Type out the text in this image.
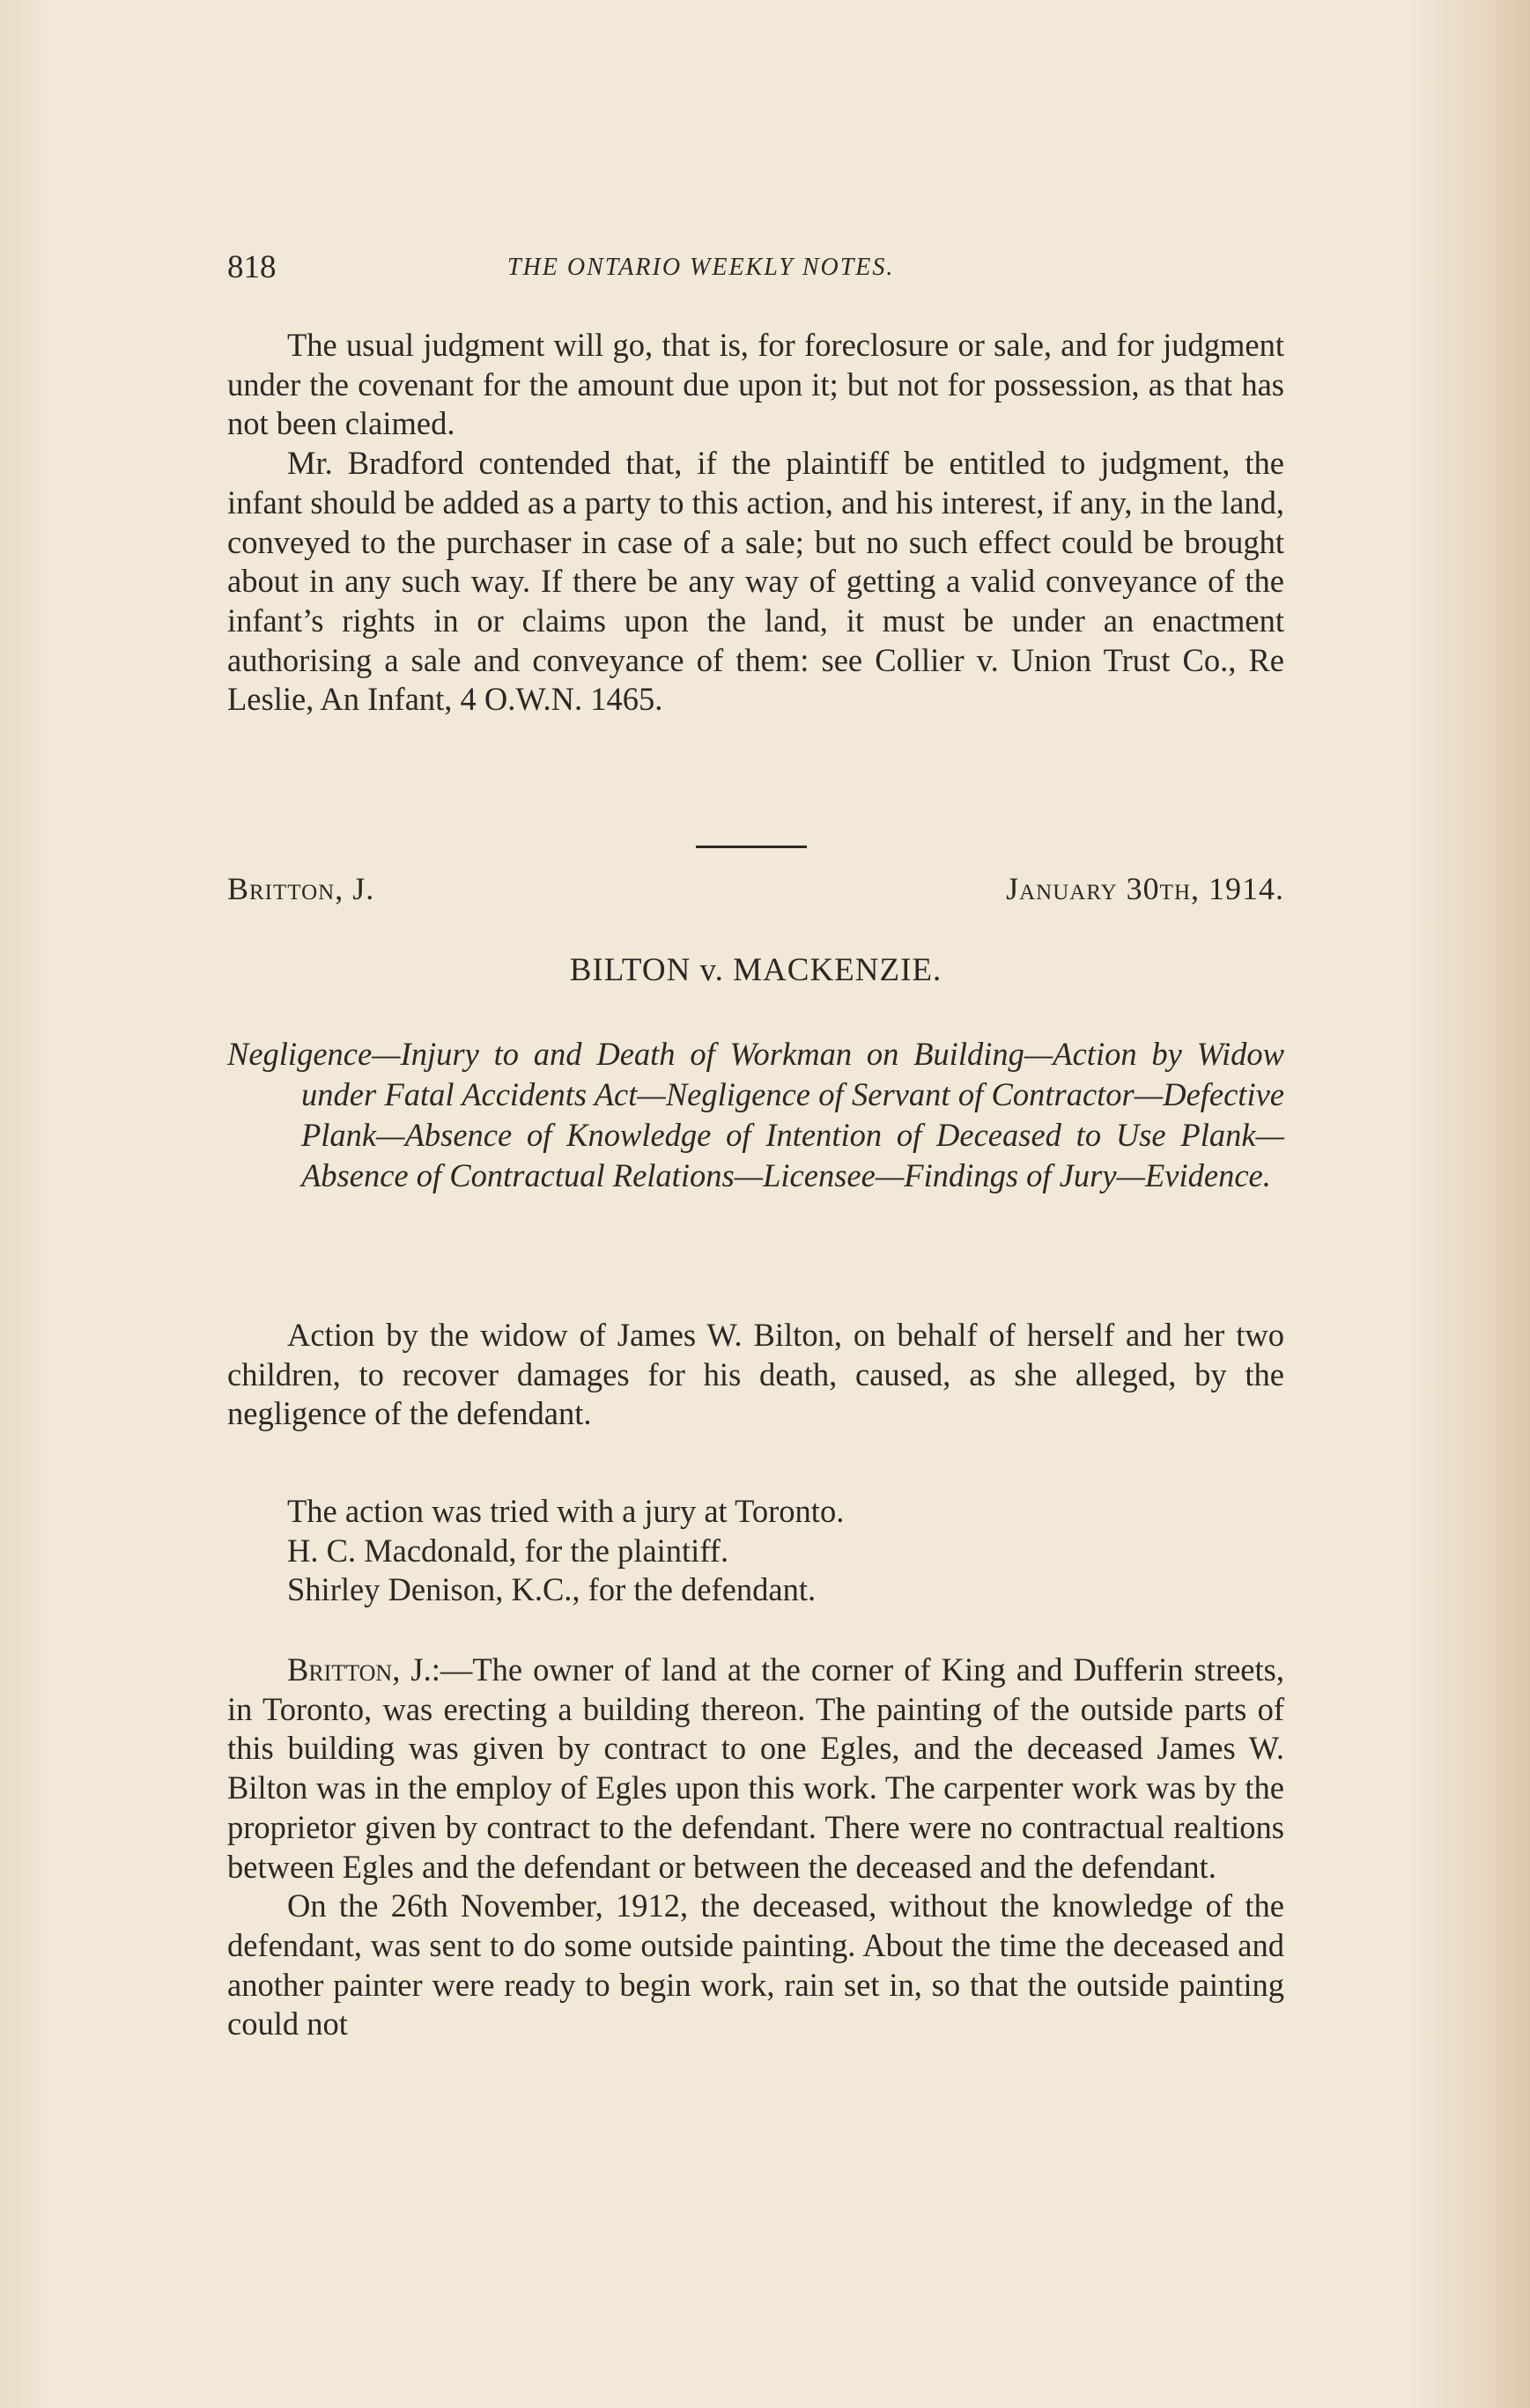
818	THE ONTARIO WEEKLY NOTES.

The usual judgment will go, that is, for foreclosure or sale, and for judgment under the covenant for the amount due upon it; but not for possession, as that has not been claimed.

Mr. Bradford contended that, if the plaintiff be entitled to judgment, the infant should be added as a party to this action, and his interest, if any, in the land, conveyed to the purchaser in case of a sale; but no such effect could be brought about in any such way. If there be any way of getting a valid conveyance of the infant’s rights in or claims upon the land, it must be under an enactment authorising a sale and conveyance of them: see Collier v. Union Trust Co., Re Leslie, An Infant, 4 O.W.N. 1465.

Britton, J.	January 30th, 1914.
BILTON v. MACKENZIE.
Negligence—Injury to and Death of Workman on Building—Action by Widow under Fatal Accidents Act—Negligence of Servant of Contractor—Defective Plank—Absence of Knowledge of Intention of Deceased to Use Plank—Absence of Contractual Relations—Licensee—Findings of Jury—Evidence.

Action by the widow of James W. Bilton, on behalf of herself and her two children, to recover damages for his death, caused, as she alleged, by the negligence of the defendant.

The action was tried with a jury at Toronto.
H. C. Macdonald, for the plaintiff.
Shirley Denison, K.C., for the defendant.

Britton, J.:—The owner of land at the corner of King and Dufferin streets, in Toronto, was erecting a building thereon. The painting of the outside parts of this building was given by contract to one Egles, and the deceased James W. Bilton was in the employ of Egles upon this work. The carpenter work was by the proprietor given by contract to the defendant. There were no contractual realtions between Egles and the defendant or between the deceased and the defendant.

On the 26th November, 1912, the deceased, without the knowledge of the defendant, was sent to do some outside painting. About the time the deceased and another painter were ready to begin work, rain set in, so that the outside painting could not
